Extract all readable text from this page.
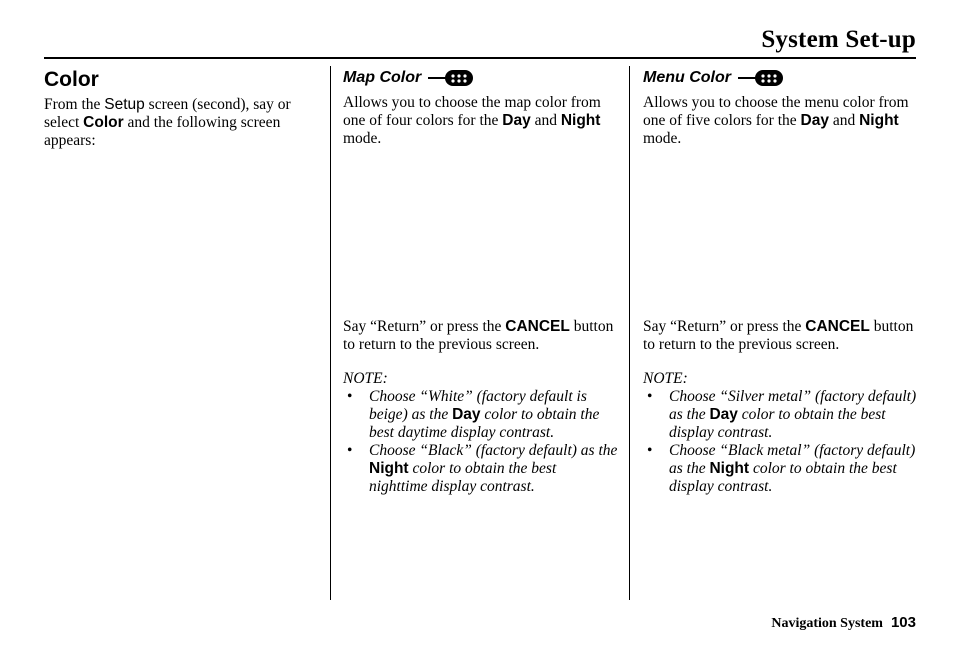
System Set-up
Color

From the Setup screen (second), say or select Color and the following screen appears:

Map Color

Allows you to choose the map color from one of four colors for the Day and Night mode.

Say “Return” or press the CANCEL button to return to the previous screen.

NOTE:

• Choose “White” (factory default is beige) as the Day color to obtain the best daytime display contrast.
• Choose “Black” (factory default) as the Night color to obtain the best nighttime display contrast.
Menu Color

Allows you to choose the menu color from one of five colors for the Day and Night mode.

Say “Return” or press the CANCEL button to return to the previous screen.

NOTE:

• Choose “Silver metal” (factory default) as the Day color to obtain the best display contrast.
• Choose “Black metal” (factory default) as the Night color to obtain the best display contrast.
Navigation System 103
